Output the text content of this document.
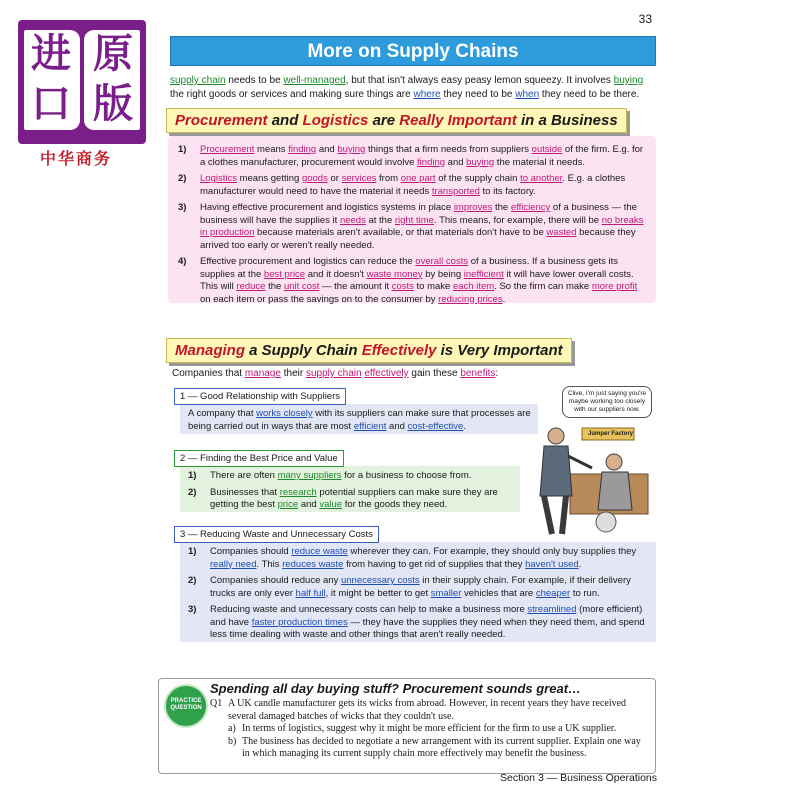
进 原
口 版
中华商务
33
More on Supply Chains
supply chain needs to be well-managed, but that isn't always easy peasy lemon squeezy. It involves buying the right goods or services and making sure things are where they need to be when they need to be there.
Procurement and Logistics are Really Important in a Business
1)	Procurement means finding and buying things that a firm needs from suppliers outside of the firm. E.g. for a clothes manufacturer, procurement would involve finding and buying the material it needs.
2)	Logistics means getting goods or services from one part of the supply chain to another. E.g. a clothes manufacturer would need to have the material it needs transported to its factory.
3)	Having effective procurement and logistics systems in place improves the efficiency of a business — the business will have the supplies it needs at the right time. This means, for example, there will be no breaks in production because materials aren't available, or that materials don't have to be wasted because they arrived too early or weren't really needed.
4)	Effective procurement and logistics can reduce the overall costs of a business. If a business gets its supplies at the best price and it doesn't waste money by being inefficient it will have lower overall costs. This will reduce the unit cost — the amount it costs to make each item. So the firm can make more profit on each item or pass the savings on to the consumer by reducing prices.
Managing a Supply Chain Effectively is Very Important
Companies that manage their supply chain effectively gain these benefits:
1 — Good Relationship with Suppliers
A company that works closely with its suppliers can make sure that processes are being carried out in ways that are most efficient and cost-effective.
2 — Finding the Best Price and Value
1)	There are often many suppliers for a business to choose from.
2)	Businesses that research potential suppliers can make sure they are getting the best price and value for the goods they need.
Jumper Factory
Clive, I'm just saying you're maybe working too closely with our suppliers now.
3 — Reducing Waste and Unnecessary Costs
1)	Companies should reduce waste wherever they can. For example, they should only buy supplies they really need. This reduces waste from having to get rid of supplies that they haven't used.
2)	Companies should reduce any unnecessary costs in their supply chain. For example, if their delivery trucks are only ever half full, it might be better to get smaller vehicles that are cheaper to run.
3)	Reducing waste and unnecessary costs can help to make a business more streamlined (more efficient) and have faster production times — they have the supplies they need when they need them, and spend less time dealing with waste and other things that aren't really needed.
PRACTICE QUESTION
Spending all day buying stuff? Procurement sounds great…
Q1 A UK candle manufacturer gets its wicks from abroad. However, in recent years they have received several damaged batches of wicks that they couldn't use.
a) In terms of logistics, suggest why it might be more efficient for the firm to use a UK supplier.
b) The business has decided to negotiate a new arrangement with its current supplier. Explain one way in which managing its current supply chain more effectively may benefit the business.
Section 3 — Business Operations
